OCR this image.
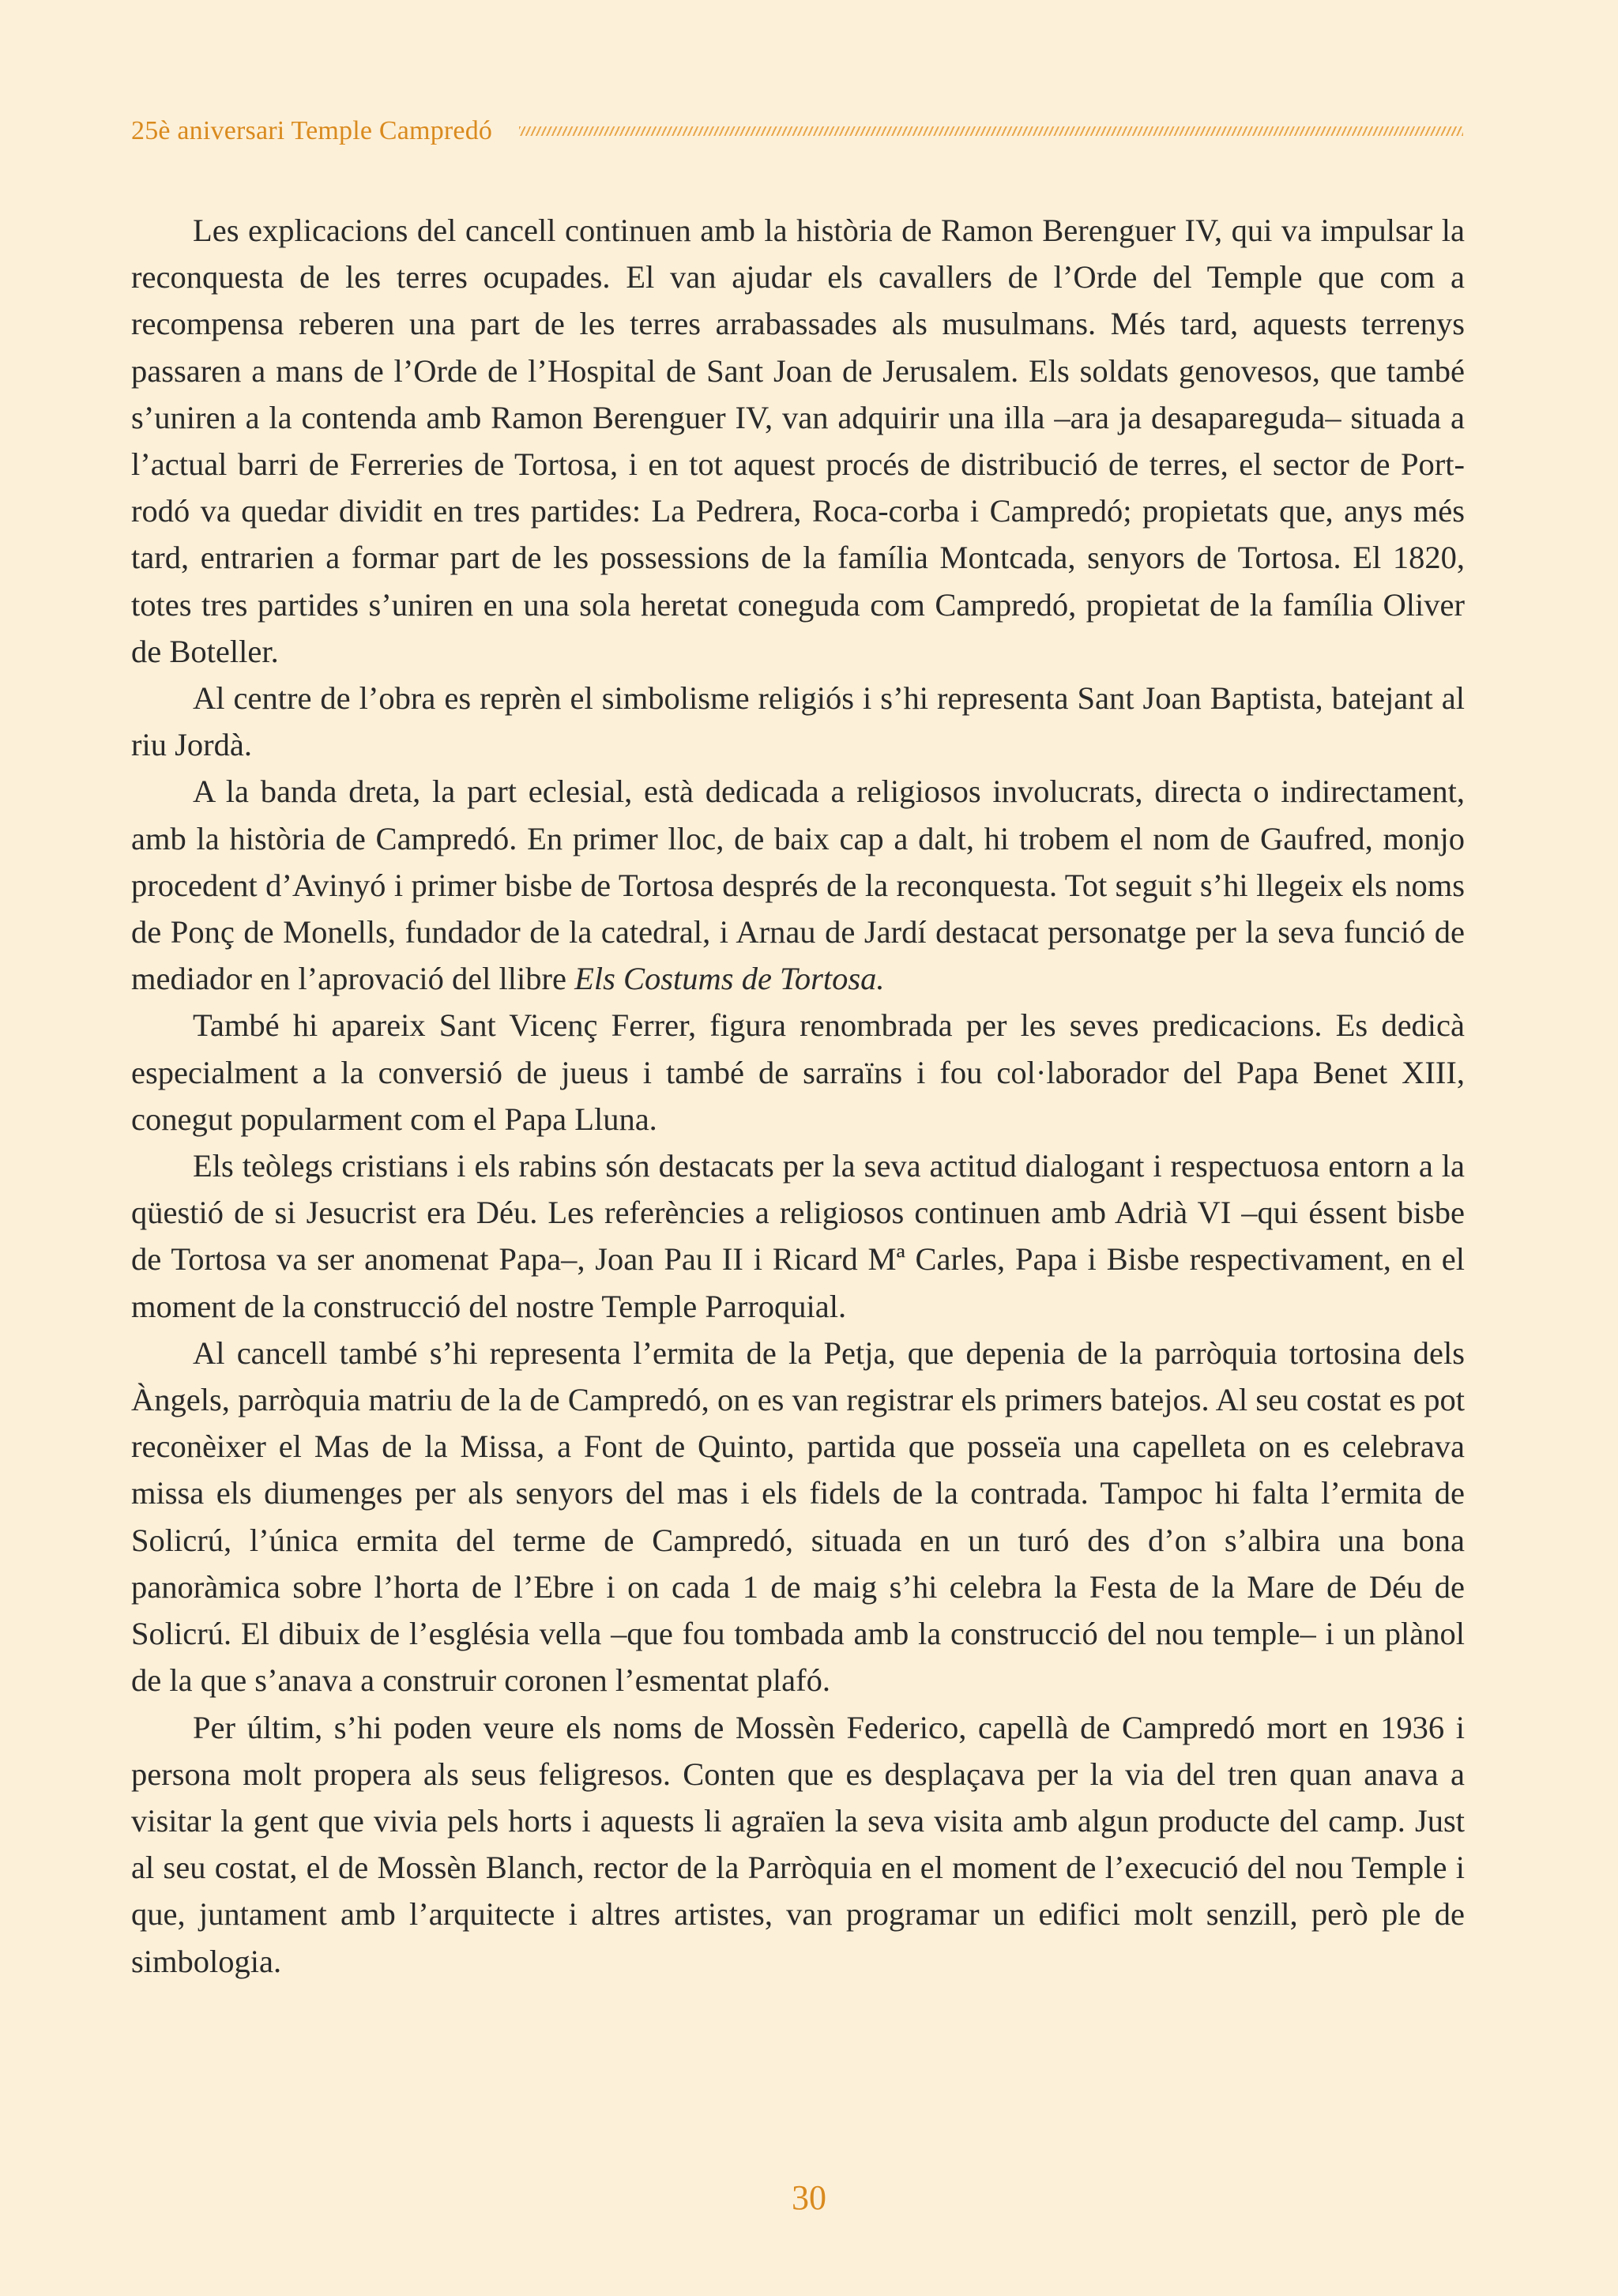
25è aniversari Temple Campredó

Les explicacions del cancell continuen amb la història de Ramon Berenguer IV, qui va impulsar la reconquesta de les terres ocupades. El van ajudar els cavallers de l’Orde del Temple que com a recompensa reberen una part de les terres arrabassades als musulmans. Més tard, aquests terrenys passaren a mans de l’Orde de l’Hospital de Sant Joan de Jerusalem. Els soldats genovesos, que també s’uniren a la contenda amb Ramon Berenguer IV, van adquirir una illa –ara ja desapareguda– situada a l’actual barri de Ferreries de Tortosa, i en tot aquest procés de distribució de terres, el sector de Port-rodó va quedar dividit en tres partides: La Pedrera, Roca-corba i Campredó; propietats que, anys més tard, entrarien a formar part de les possessions de la família Montcada, senyors de Tortosa. El 1820, totes tres partides s’uniren en una sola heretat coneguda com Campredó, propietat de la família Oliver de Boteller.

Al centre de l’obra es reprèn el simbolisme religiós i s’hi representa Sant Joan Baptista, batejant al riu Jordà.

A la banda dreta, la part eclesial, està dedicada a religiosos involucrats, directa o indirectament, amb la història de Campredó. En primer lloc, de baix cap a dalt, hi trobem el nom de Gaufred, monjo procedent d’Avinyó i primer bisbe de Tortosa després de la reconquesta. Tot seguit s’hi llegeix els noms de Ponç de Monells, fundador de la catedral, i Arnau de Jardí destacat personatge per la seva funció de mediador en l’aprovació del llibre Els Costums de Tortosa.

També hi apareix Sant Vicenç Ferrer, figura renombrada per les seves predicacions. Es dedicà especialment a la conversió de jueus i també de sarraïns i fou col·laborador del Papa Benet XIII, conegut popularment com el Papa Lluna.

Els teòlegs cristians i els rabins són destacats per la seva actitud dialogant i respectuosa entorn a la qüestió de si Jesucrist era Déu. Les referències a religiosos continuen amb Adrià VI –qui éssent bisbe de Tortosa va ser anomenat Papa–, Joan Pau II i Ricard Mª Carles, Papa i Bisbe respectivament, en el moment de la construcció del nostre Temple Parroquial.

Al cancell també s’hi representa l’ermita de la Petja, que depenia de la parròquia tortosina dels Àngels, parròquia matriu de la de Campredó, on es van registrar els primers batejos. Al seu costat es pot reconèixer el Mas de la Missa, a Font de Quinto, partida que posseïa una capelleta on es celebrava missa els diumenges per als senyors del mas i els fidels de la contrada. Tampoc hi falta l’ermita de Solicrú, l’única ermita del terme de Campredó, situada en un turó des d’on s’albira una bona panoràmica sobre l’horta de l’Ebre i on cada 1 de maig s’hi celebra la Festa de la Mare de Déu de Solicrú. El dibuix de l’església vella –que fou tombada amb la construcció del nou temple– i un plànol de la que s’anava a construir coronen l’esmentat plafó.

Per últim, s’hi poden veure els noms de Mossèn Federico, capellà de Campredó mort en 1936 i persona molt propera als seus feligresos. Conten que es desplaçava per la via del tren quan anava a visitar la gent que vivia pels horts i aquests li agraïen la seva visita amb algun producte del camp. Just al seu costat, el de Mossèn Blanch, rector de la Parròquia en el moment de l’execució del nou Temple i que, juntament amb l’arquitecte i altres artistes, van programar un edifici molt senzill, però ple de simbologia.

30
